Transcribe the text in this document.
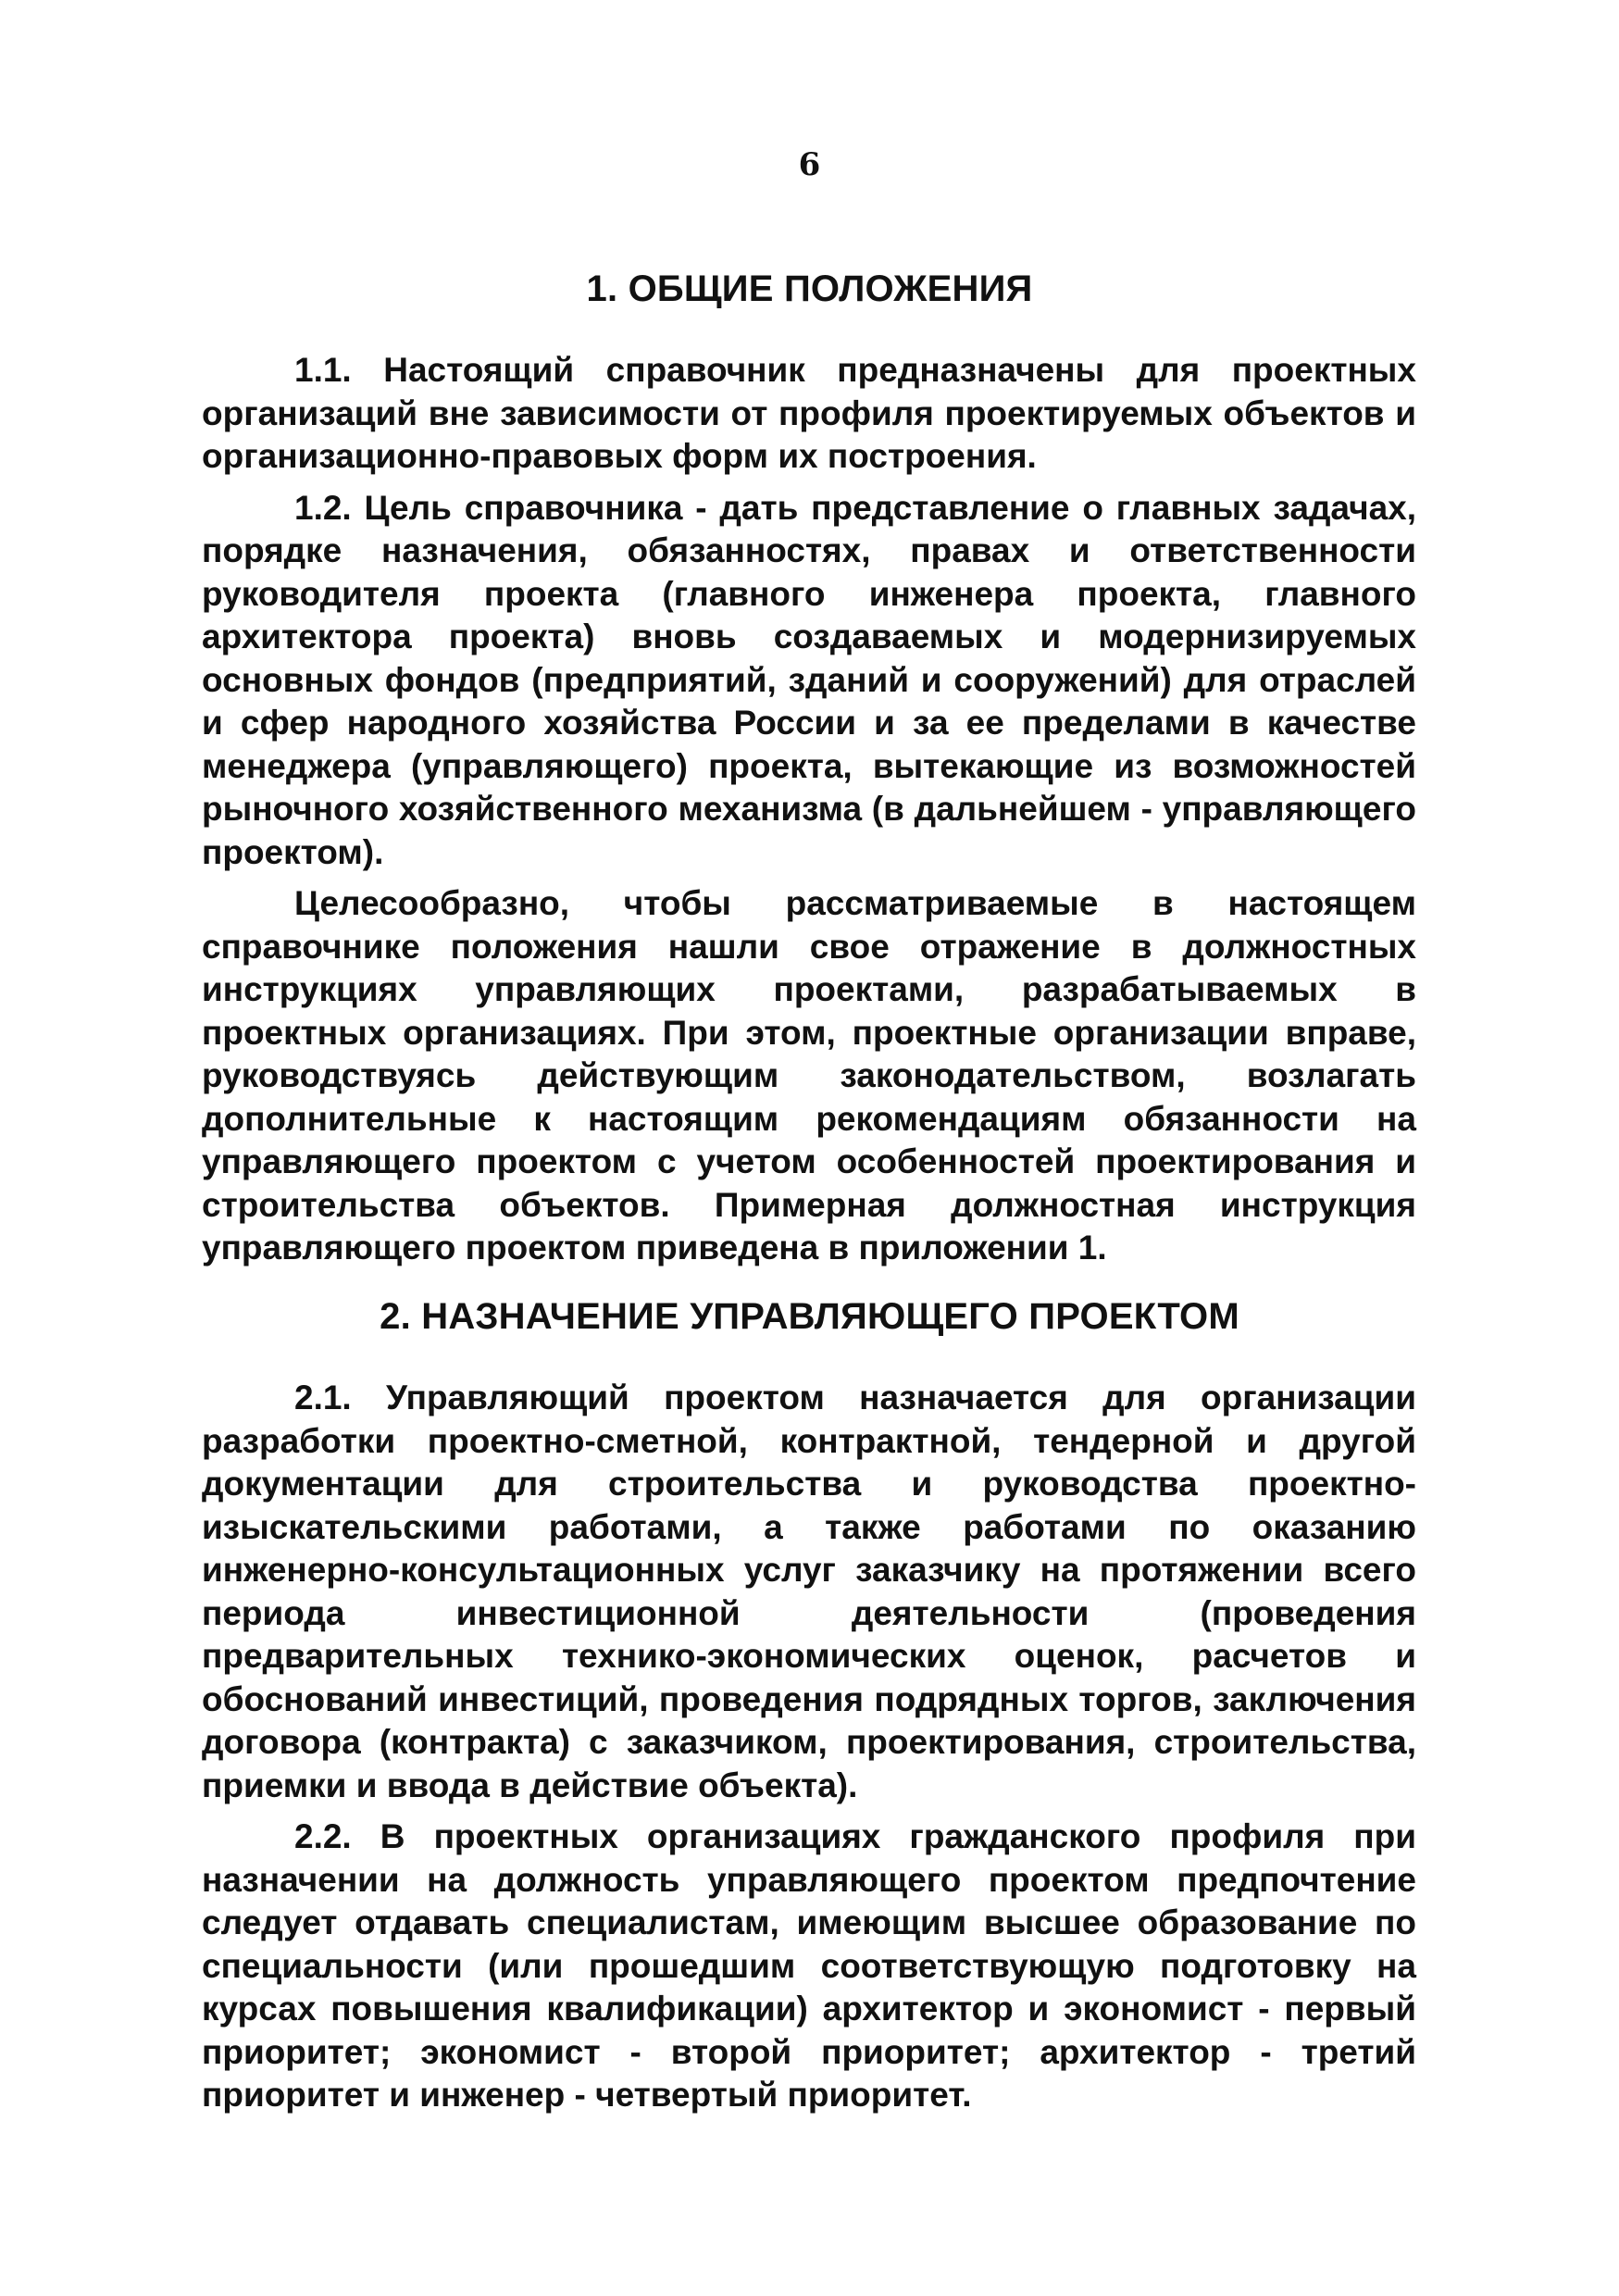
6
1. ОБЩИЕ ПОЛОЖЕНИЯ

1.1. Настоящий справочник предназначены для проектных организаций вне зависимости от профиля проектируемых объектов и организационно-правовых форм их построения.

1.2. Цель справочника - дать представление о главных задачах, порядке назначения, обязанностях, правах и ответственности руководителя проекта (главного инженера проекта, главного архитектора проекта) вновь создаваемых и модернизируемых основных фондов (предприятий, зданий и сооружений) для отраслей и сфер народного хозяйства России и за ее пределами в качестве менеджера (управляющего) проекта, вытекающие из возможностей рыночного хозяйственного механизма (в дальнейшем - управляющего проектом).

Целесообразно, чтобы рассматриваемые в настоящем справочнике положения нашли свое отражение в должностных инструкциях управляющих проектами, разрабатываемых в проектных организациях. При этом, проектные организации вправе, руководствуясь действующим законодательством, возлагать дополнительные к настоящим рекомендациям обязанности на управляющего проектом с учетом особенностей проектирования и строительства объектов. Примерная должностная инструкция управляющего проектом приведена в приложении 1.

2. НАЗНАЧЕНИЕ УПРАВЛЯЮЩЕГО ПРОЕКТОМ

2.1. Управляющий проектом назначается для организации разработки проектно-сметной, контрактной, тендерной и другой документации для строительства и руководства проектно-изыскательскими работами, а также работами по оказанию инженерно-консультационных услуг заказчику на протяжении всего периода инвестиционной деятельности (проведения предварительных технико-экономических оценок, расчетов и обоснований инвестиций, проведения подрядных торгов, заключения договора (контракта) с заказчиком, проектирования, строительства, приемки и ввода в действие объекта).

2.2. В проектных организациях гражданского профиля при назначении на должность управляющего проектом предпочтение следует отдавать специалистам, имеющим высшее образование по специальности (или прошедшим соответствующую подготовку на курсах повышения квалификации) архитектор и экономист - первый приоритет; экономист - второй приоритет; архитектор - третий приоритет и инженер - четвертый приоритет.
